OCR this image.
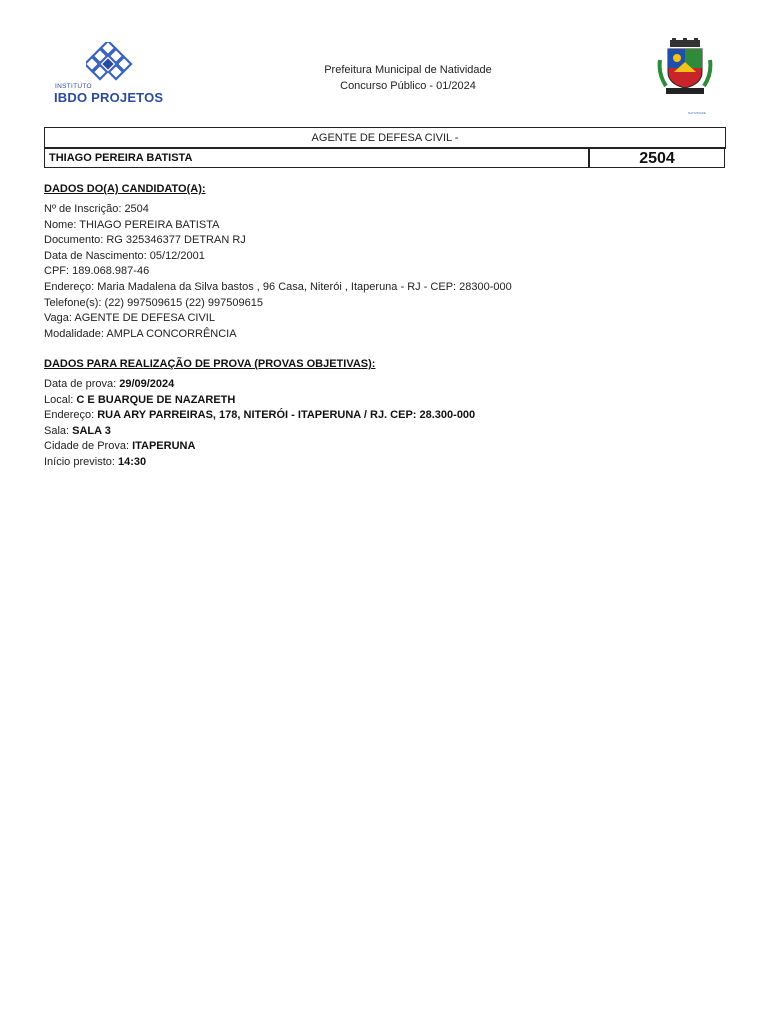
INSTITUTO
IBDO PROJETOS
Prefeitura Municipal de Natividade
Concurso Público - 01/2024
NATIVIDADE
AGENTE DE DEFESA CIVIL -
THIAGO PEREIRA BATISTA	2504
DADOS DO(A) CANDIDATO(A):
Nº de Inscrição: 2504
Nome: THIAGO PEREIRA BATISTA
Documento: RG 325346377 DETRAN RJ
Data de Nascimento: 05/12/2001
CPF: 189.068.987-46
Endereço: Maria Madalena da Silva bastos , 96 Casa, Niterói , Itaperuna - RJ - CEP: 28300-000
Telefone(s): (22) 997509615 (22) 997509615
Vaga: AGENTE DE DEFESA CIVIL
Modalidade: AMPLA CONCORRÊNCIA
DADOS PARA REALIZAÇÃO DE PROVA (PROVAS OBJETIVAS):
Data de prova: 29/09/2024
Local: C E BUARQUE DE NAZARETH
Endereço: RUA ARY PARREIRAS, 178, NITERÓI - ITAPERUNA / RJ. CEP: 28.300-000
Sala: SALA 3
Cidade de Prova: ITAPERUNA
Início previsto: 14:30
